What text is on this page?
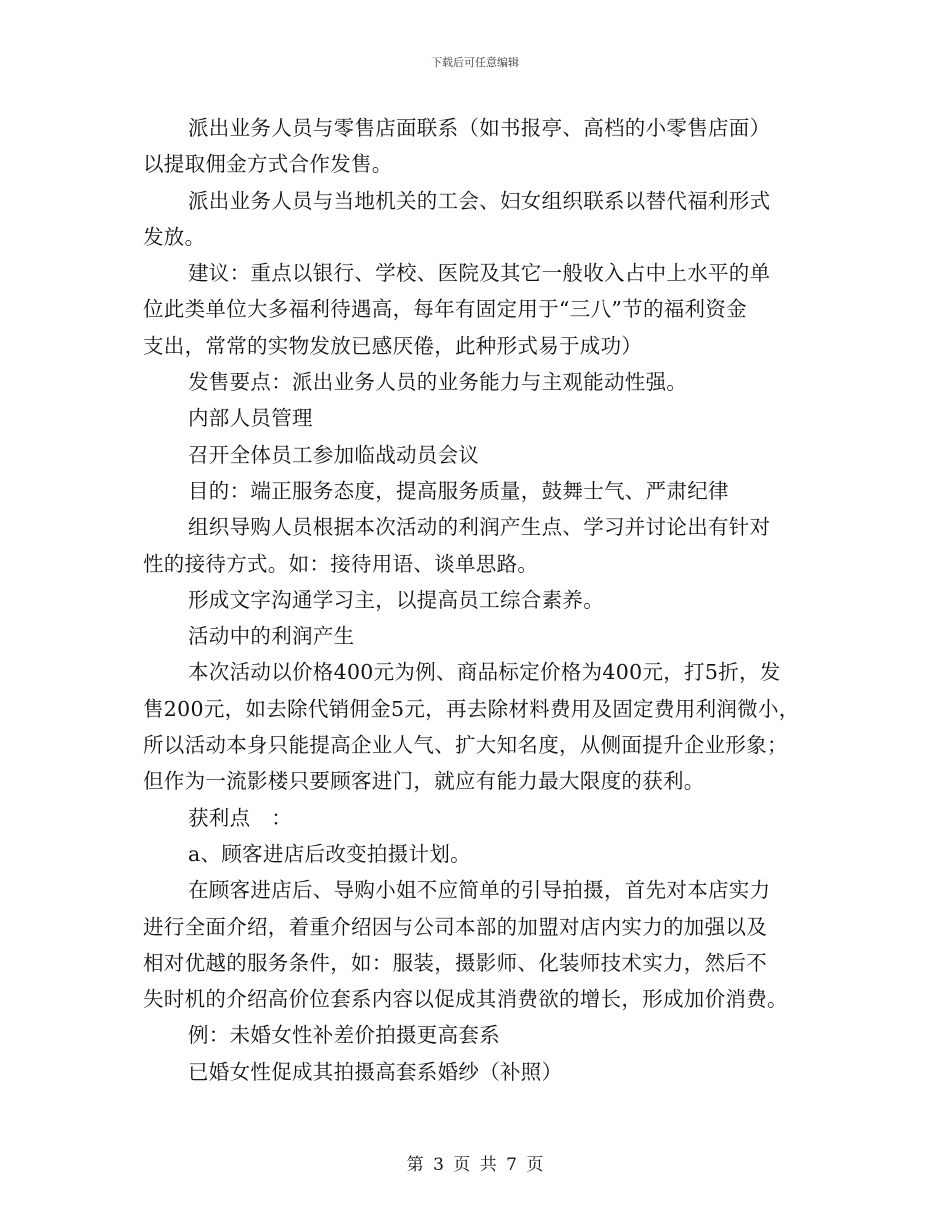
下载后可任意编辑
派出业务人员与零售店面联系（如书报亭、高档的小零售店面）
以提取佣金方式合作发售。
派出业务人员与当地机关的工会、妇女组织联系以替代福利形式
发放。
建议：重点以银行、学校、医院及其它一般收入占中上水平的单
位此类单位大多福利待遇高，每年有固定用于“三八”节的福利资金
支出，常常的实物发放已感厌倦，此种形式易于成功）
发售要点：派出业务人员的业务能力与主观能动性强。
内部人员管理
召开全体员工参加临战动员会议
目的：端正服务态度，提高服务质量，鼓舞士气、严肃纪律
组织导购人员根据本次活动的利润产生点、学习并讨论出有针对
性的接待方式。如：接待用语、谈单思路。
形成文字沟通学习主，以提高员工综合素养。
活动中的利润产生
本次活动以价格400元为例、商品标定价格为400元，打5折，发
售200元，如去除代销佣金5元，再去除材料费用及固定费用利润微小，
所以活动本身只能提高企业人气、扩大知名度，从侧面提升企业形象；
但作为一流影楼只要顾客进门，就应有能力最大限度的获利。
获利点　：
a、顾客进店后改变拍摄计划。
在顾客进店后、导购小姐不应简单的引导拍摄，首先对本店实力
进行全面介绍，着重介绍因与公司本部的加盟对店内实力的加强以及
相对优越的服务条件，如：服装，摄影师、化装师技术实力，然后不
失时机的介绍高价位套系内容以促成其消费欲的增长，形成加价消费。
例：未婚女性补差价拍摄更高套系
已婚女性促成其拍摄高套系婚纱（补照）
第 3 页 共 7 页
